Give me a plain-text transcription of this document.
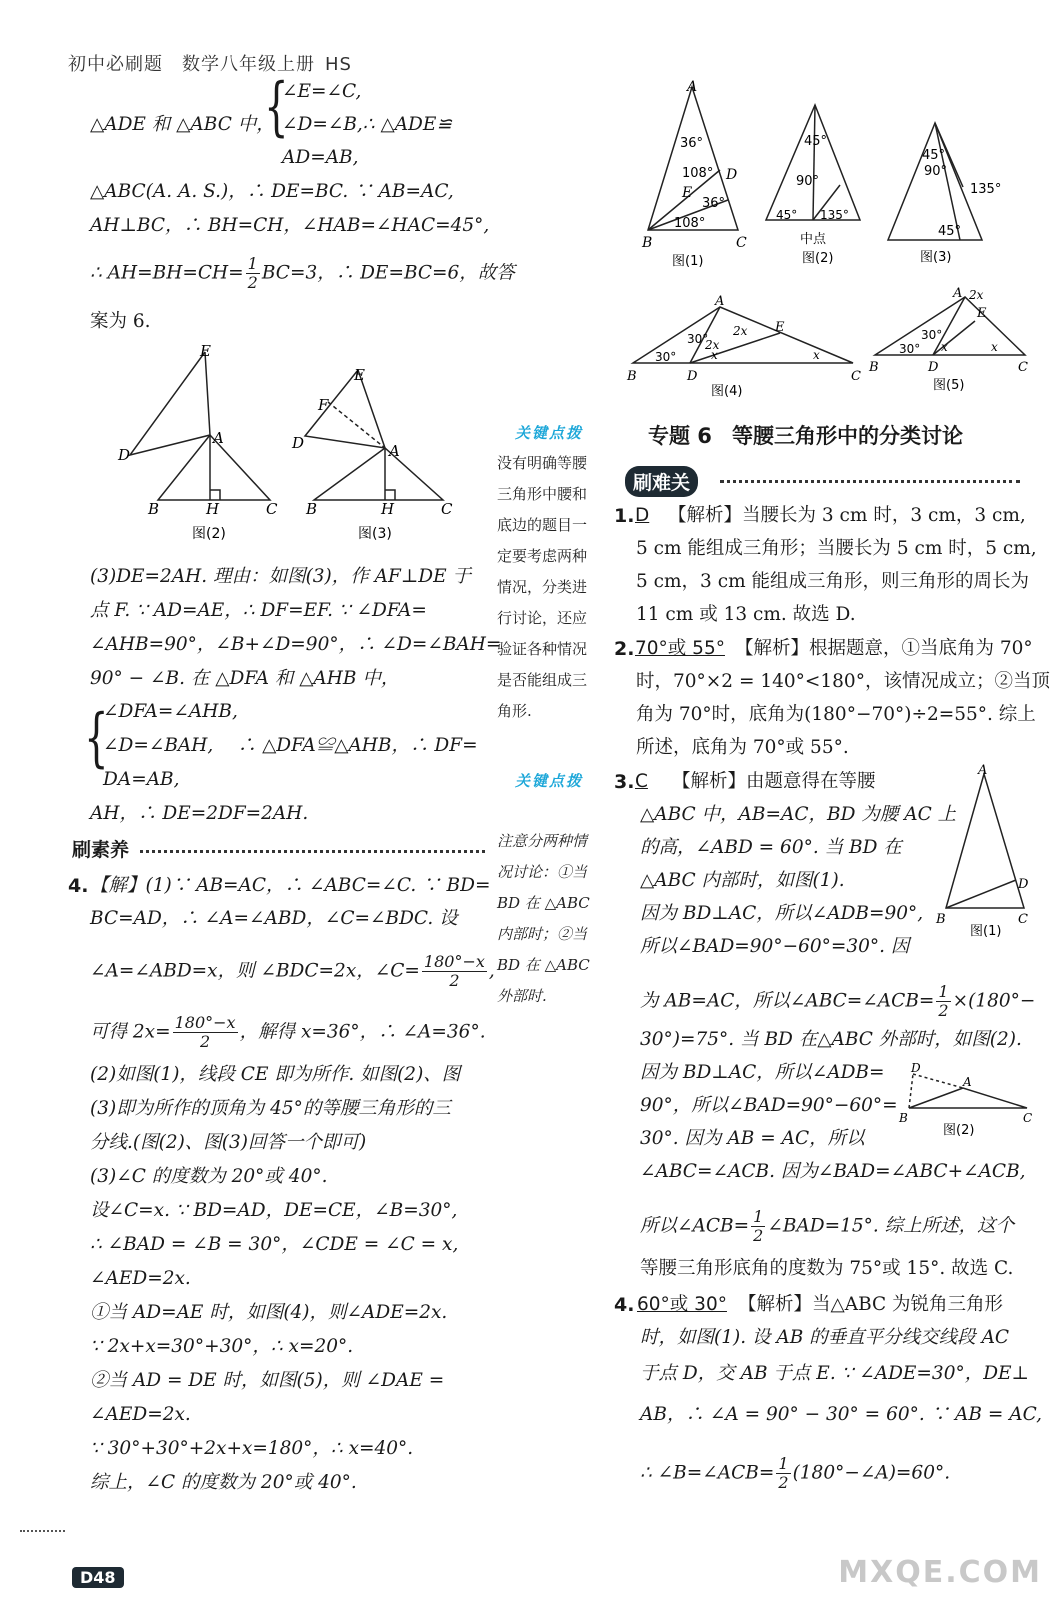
初中必刷题　数学八年级上册 HS
△ADE 和 △ABC 中，
{
∠E=∠C,
∠D=∠B,∴ △ADE≌
AD=AB,
△ABC(A. A. S.)，∴ DE=BC. ∵ AB=AC,
AH⊥BC，∴ BH=CH，∠HAB=∠HAC=45°,
∴ $AH=BH=CH= \frac{1}{2} BC=3$，∴ DE=BC=6，故答
案为 6.
E
D
A
B	H	C
E
F
D	A
B	H	C
图(2)	图(3)
(3)DE=2AH. 理由：如图(3)，作 AF⊥DE 于
点 F. ∵ AD=AE，∴ DF=EF. ∵ ∠DFA=
∠AHB=90°，∠B+∠D=90°，∴ ∠D=∠BAH=
90° − ∠B. 在 △DFA 和 △AHB 中，
{
∠DFA=∠AHB,
∠D=∠BAH,　 ∴ △DFA≌△AHB，∴ DF=
DA=AB,
AH，∴ DE=2DF=2AH.
刷素养
4. 【解】(1)∵ AB=AC，∴ ∠ABC=∠C. ∵ BD=
BC=AD，∴ ∠A=∠ABD，∠C=∠BDC. 设
∠A=∠ABD=x，则 ∠BDC=2x，∠C= $\frac{180^\circ-x}{2}$ ,
可得 $2x= \frac{180^\circ-x}{2}$ ，解得 x=36°，∴ ∠A=36°.
(2)如图(1)，线段 CE 即为所作. 如图(2)、图
(3)即为所作的顶角为 45°的等腰三角形的三
分线.(图(2)、图(3)回答一个即可)
(3)∠C 的度数为 20°或 40°.
设∠C=x. ∵ BD=AD，DE=CE，∠B=30°,
∴ ∠BAD = ∠B = 30°，∠CDE = ∠C = x,
∠AED=2x.
①当 AD=AE 时，如图(4)，则∠ADE=2x.
∵ 2x+x=30°+30°，∴ x=20°.
②当 AD = DE 时，如图(5)，则 ∠DAE =
∠AED=2x.
∵ 30°+30°+2x+x=180°，∴ x=40°.
综上，∠C 的度数为 20°或 40°.
关键点拨
没有明确等腰
三角形中腰和
底边的题目一
定要考虑两种
情况，分类进
行讨论，还应
验证各种情况
是否能组成三
角形.
关键点拨
注意分两种情
况讨论：①当
BD 在 △ABC
内部时；②当
BD 在 △ABC
外部时.
A
36°
108° D
E
36°
108°
B	C
图(1)
45°
90°
45° 135°
中点
图(2)
45°
90°
135°
45°
图(3)
A
E
2x
30°
2x
30°	x	x
B	D	C
图(4)
A 2x
E
30°
30° x	x
B	D	C
图(5)
专题 6 等腰三角形中的分类讨论
刷难关
1. D 【解析】当腰长为 3 cm 时，3 cm，3 cm,
5 cm 能组成三角形；当腰长为 5 cm 时，5 cm,
5 cm，3 cm 能组成三角形，则三角形的周长为
11 cm 或 13 cm. 故选 D.
2. 70°或 55° 【解析】根据题意，①当底角为 70°
时，70°×2 = 140°<180°，该情况成立；②当顶
角为 70°时，底角为(180°−70°)÷2=55°. 综上
所述，底角为 70°或 55°.
3. C 【解析】由题意得在等腰
△ABC 中，AB=AC，BD 为腰 AC 上
的高，∠ABD = 60°. 当 BD 在
△ABC 内部时，如图(1).
因为 BD⊥AC，所以∠ADB=90°,
所以∠BAD=90°−60°=30°. 因
为 AB=AC，所以∠ABC=∠ACB= $\frac{1}{2} \times(180^\circ-$
30°)=75°. 当 BD 在△ABC 外部时，如图(2).
因为 BD⊥AC，所以∠ADB=
90°，所以∠BAD=90°−60°=
30°. 因为 AB = AC，所以
∠ABC=∠ACB. 因为∠BAD=∠ABC+∠ACB,
所以∠ACB= $\frac{1}{2}$ ∠BAD=15°. 综上所述，这个
等腰三角形底角的度数为 75°或 15°. 故选 C.
A
D
B	C
图(1)
D
A
B	C
图(2)
4. 60°或 30° 【解析】当△ABC 为锐角三角形
时，如图(1). 设 AB 的垂直平分线交线段 AC
于点 D，交 AB 于点 E. ∵ ∠ADE=30°，DE⊥
AB，∴ ∠A = 90° − 30° = 60°. ∵ AB = AC,
∴ ∠B=∠ACB= $\frac{1}{2}$ (180°−∠A)=60°.
D48	MXQE.COM
